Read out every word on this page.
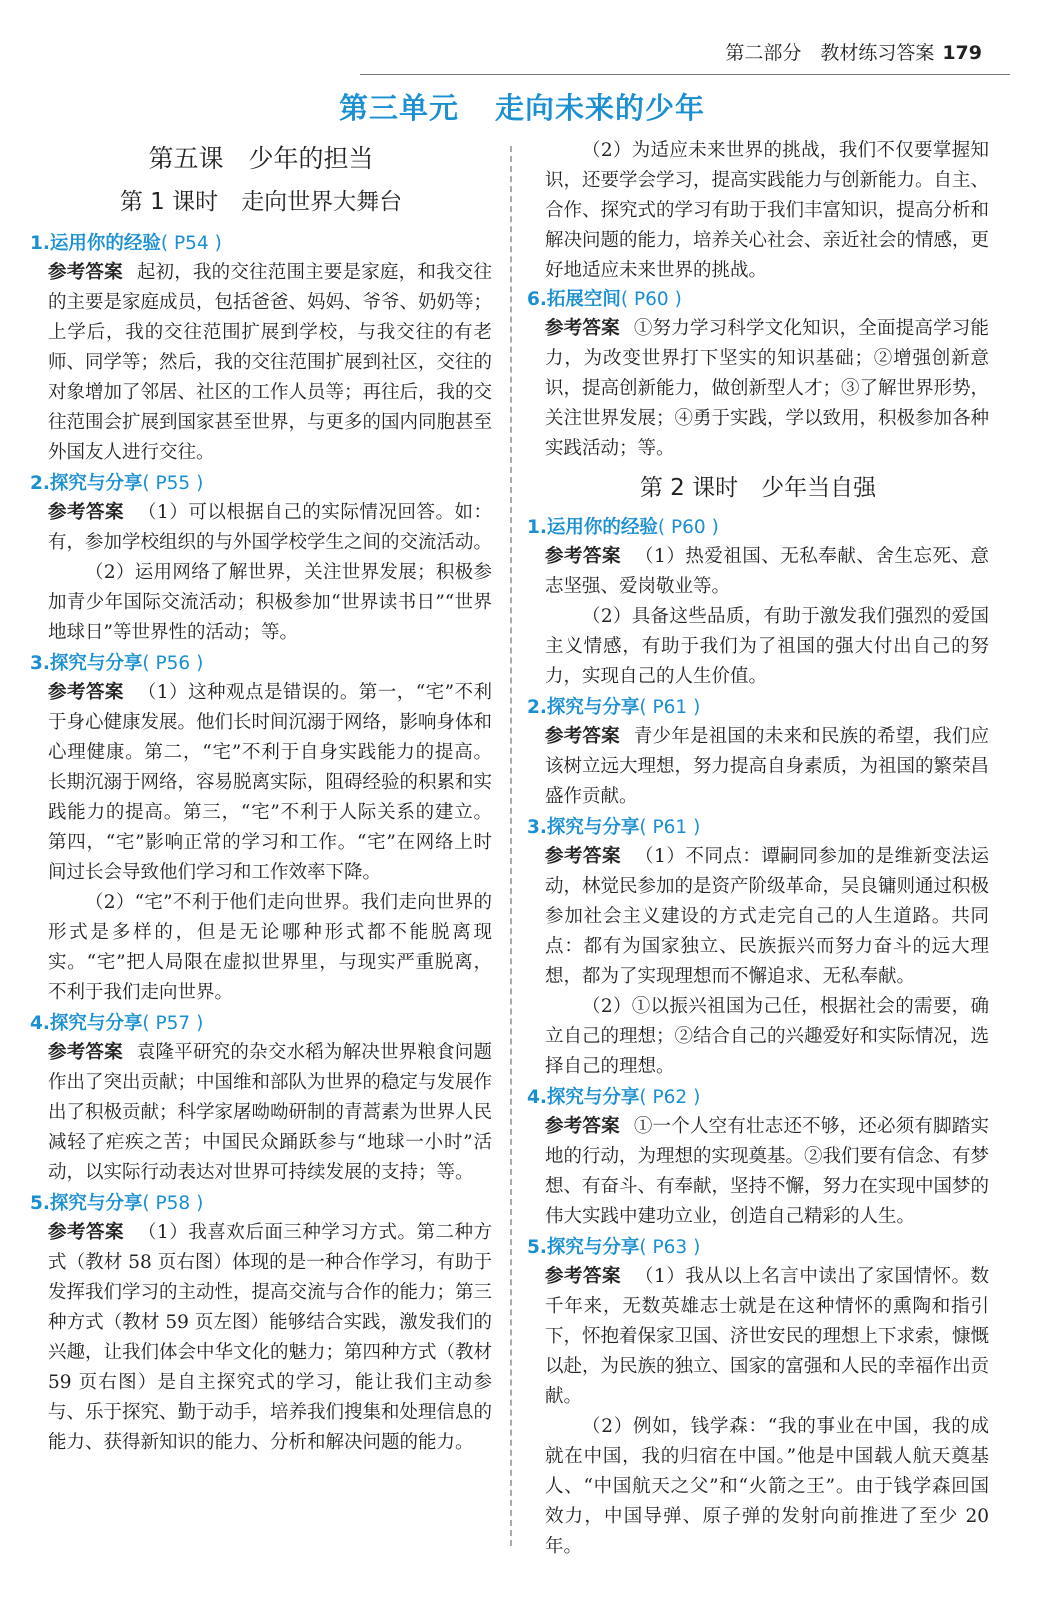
第二部分　教材练习答案 179
第三单元 走向未来的少年
第五课　少年的担当
第 1 课时　走向世界大舞台
1.运用你的经验( P54 )

参考答案 起初，我的交往范围主要是家庭，和我交往的主要是家庭成员，包括爸爸、妈妈、爷爷、奶奶等；上学后，我的交往范围扩展到学校，与我交往的有老师、同学等；然后，我的交往范围扩展到社区，交往的对象增加了邻居、社区的工作人员等；再往后，我的交往范围会扩展到国家甚至世界，与更多的国内同胞甚至外国友人进行交往。

2.探究与分享( P55 )

参考答案 （1）可以根据自己的实际情况回答。如：有，参加学校组织的与外国学校学生之间的交流活动。

（2）运用网络了解世界，关注世界发展；积极参加青少年国际交流活动；积极参加“世界读书日”“世界地球日”等世界性的活动；等。

3.探究与分享( P56 )

参考答案 （1）这种观点是错误的。第一，“宅”不利于身心健康发展。他们长时间沉溺于网络，影响身体和心理健康。第二，“宅”不利于自身实践能力的提高。长期沉溺于网络，容易脱离实际，阻碍经验的积累和实践能力的提高。第三，“宅”不利于人际关系的建立。第四，“宅”影响正常的学习和工作。“宅”在网络上时间过长会导致他们学习和工作效率下降。

（2）“宅”不利于他们走向世界。我们走向世界的形式是多样的，但是无论哪种形式都不能脱离现实。“宅”把人局限在虚拟世界里，与现实严重脱离，不利于我们走向世界。

4.探究与分享( P57 )

参考答案 袁隆平研究的杂交水稻为解决世界粮食问题作出了突出贡献；中国维和部队为世界的稳定与发展作出了积极贡献；科学家屠呦呦研制的青蒿素为世界人民减轻了疟疾之苦；中国民众踊跃参与“地球一小时”活动，以实际行动表达对世界可持续发展的支持；等。

5.探究与分享( P58 )

参考答案 （1）我喜欢后面三种学习方式。第二种方式（教材 58 页右图）体现的是一种合作学习，有助于发挥我们学习的主动性，提高交流与合作的能力；第三种方式（教材 59 页左图）能够结合实践，激发我们的兴趣，让我们体会中华文化的魅力；第四种方式（教材 59 页右图）是自主探究式的学习，能让我们主动参与、乐于探究、勤于动手，培养我们搜集和处理信息的能力、获得新知识的能力、分析和解决问题的能力。

（2）为适应未来世界的挑战，我们不仅要掌握知识，还要学会学习，提高实践能力与创新能力。自主、合作、探究式的学习有助于我们丰富知识，提高分析和解决问题的能力，培养关心社会、亲近社会的情感，更好地适应未来世界的挑战。

6.拓展空间( P60 )

参考答案 ①努力学习科学文化知识，全面提高学习能力，为改变世界打下坚实的知识基础；②增强创新意识，提高创新能力，做创新型人才；③了解世界形势，关注世界发展；④勇于实践，学以致用，积极参加各种实践活动；等。

第 2 课时　少年当自强
1.运用你的经验( P60 )

参考答案 （1）热爱祖国、无私奉献、舍生忘死、意志坚强、爱岗敬业等。

（2）具备这些品质，有助于激发我们强烈的爱国主义情感，有助于我们为了祖国的强大付出自己的努力，实现自己的人生价值。

2.探究与分享( P61 )

参考答案 青少年是祖国的未来和民族的希望，我们应该树立远大理想，努力提高自身素质，为祖国的繁荣昌盛作贡献。

3.探究与分享( P61 )

参考答案 （1）不同点：谭嗣同参加的是维新变法运动，林觉民参加的是资产阶级革命，吴良镛则通过积极参加社会主义建设的方式走完自己的人生道路。共同点：都有为国家独立、民族振兴而努力奋斗的远大理想，都为了实现理想而不懈追求、无私奉献。

（2）①以振兴祖国为己任，根据社会的需要，确立自己的理想；②结合自己的兴趣爱好和实际情况，选择自己的理想。

4.探究与分享( P62 )

参考答案 ①一个人空有壮志还不够，还必须有脚踏实地的行动，为理想的实现奠基。②我们要有信念、有梦想、有奋斗、有奉献，坚持不懈，努力在实现中国梦的伟大实践中建功立业，创造自己精彩的人生。

5.探究与分享( P63 )

参考答案 （1）我从以上名言中读出了家国情怀。数千年来，无数英雄志士就是在这种情怀的熏陶和指引下，怀抱着保家卫国、济世安民的理想上下求索，慷慨以赴，为民族的独立、国家的富强和人民的幸福作出贡献。

（2）例如，钱学森：“我的事业在中国，我的成就在中国，我的归宿在中国。”他是中国载人航天奠基人、“中国航天之父”和“火箭之王”。由于钱学森回国效力，中国导弹、原子弹的发射向前推进了至少 20 年。
